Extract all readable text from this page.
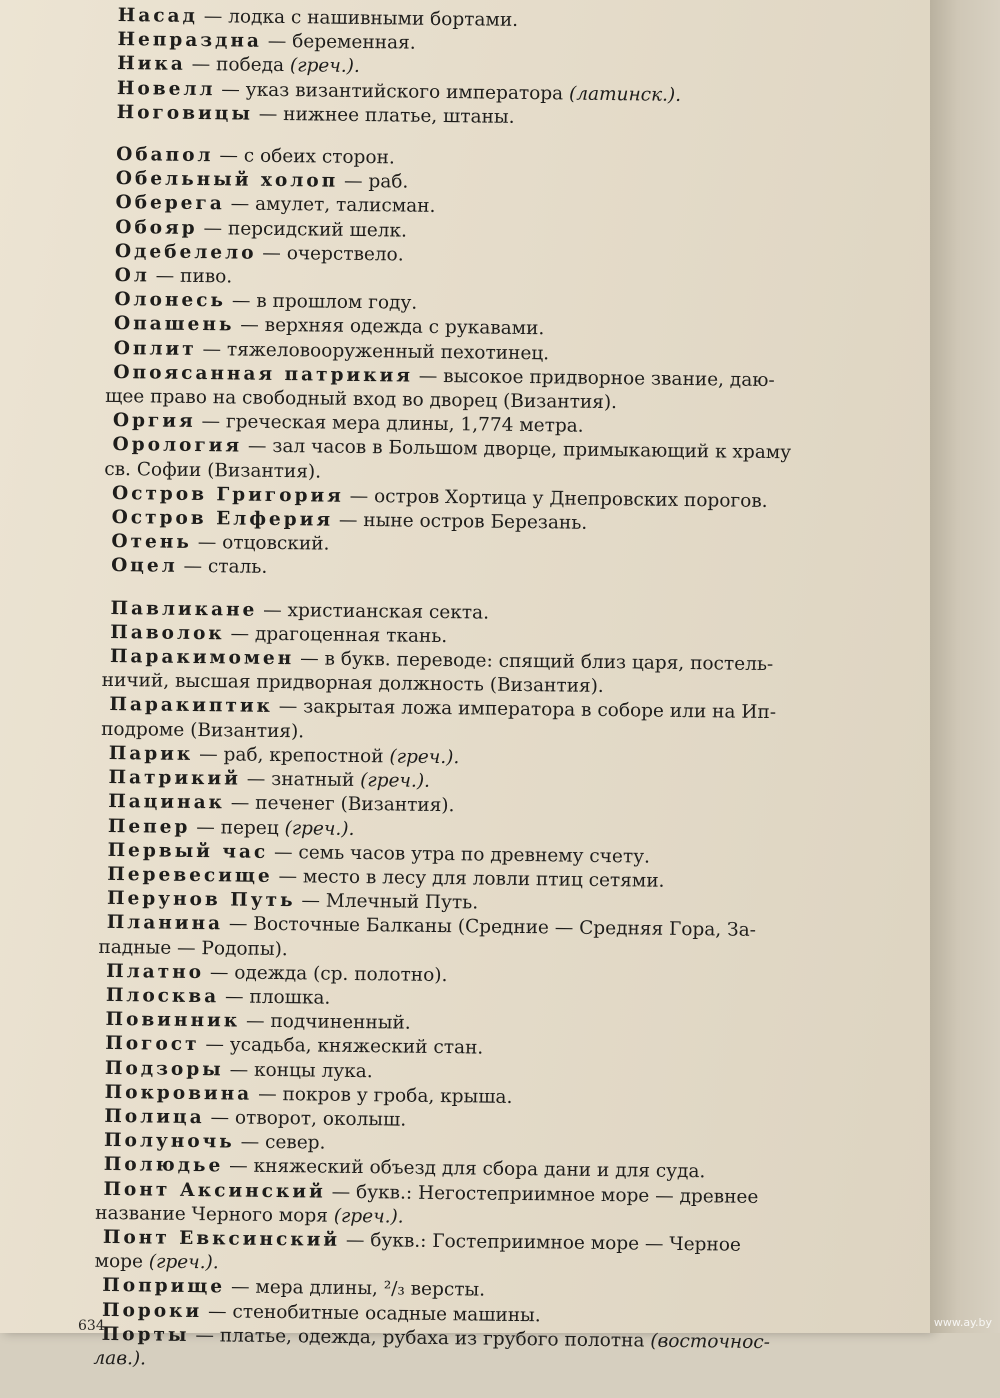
Насад — лодка с нашивными бортами.

Непраздна — беременная.

Ника — победа (греч.).

Новелл — указ византийского императора (латинск.).

Ноговицы — нижнее платье, штаны.

Обапол — с обеих сторон.

Обельный холоп — раб.

Оберега — амулет, талисман.

Обояр — персидский шелк.

Одебелело — очерствело.

Ол — пиво.

Олонесь — в прошлом году.

Опашень — верхняя одежда с рукавами.

Оплит — тяжеловооруженный пехотинец.

Опоясанная патрикия — высокое придворное звание, даю-

щее право на свободный вход во дворец (Византия).

Оргия — греческая мера длины, 1,774 метра.

Орология — зал часов в Большом дворце, примыкающий к храму

св. Софии (Византия).

Остров Григория — остров Хортица у Днепровских порогов.

Остров Елферия — ныне остров Березань.

Отень — отцовский.

Оцел — сталь.

Павликане — христианская секта.

Паволок — драгоценная ткань.

Паракимомен — в букв. переводе: спящий близ царя, постель-

ничий, высшая придворная должность (Византия).

Паракиптик — закрытая ложа императора в соборе или на Ип-

подроме (Византия).

Парик — раб, крепостной (греч.).

Патрикий — знатный (греч.).

Пацинак — печенег (Византия).

Пепер — перец (греч.).

Первый час — семь часов утра по древнему счету.

Перевесище — место в лесу для ловли птиц сетями.

Перунов Путь — Млечный Путь.

Планина — Восточные Балканы (Средние — Средняя Гора, За-

падные — Родопы).

Платно — одежда (ср. полотно).

Плосква — плошка.

Повинник — подчиненный.

Погост — усадьба, княжеский стан.

Подзоры — концы лука.

Покровина — покров у гроба, крыша.

Полица — отворот, околыш.

Полуночь — север.

Полюдье — княжеский объезд для сбора дани и для суда.

Понт Аксинский — букв.: Негостеприимное море — древнее

название Черного моря (греч.).

Понт Евксинский — букв.: Гостеприимное море — Черное

море (греч.).

Поприще — мера длины, ²/₃ версты.

Пороки — стенобитные осадные машины.

Порты — платье, одежда, рубаха из грубого полотна (восточнос-

лав.).

634	www.ay.by
